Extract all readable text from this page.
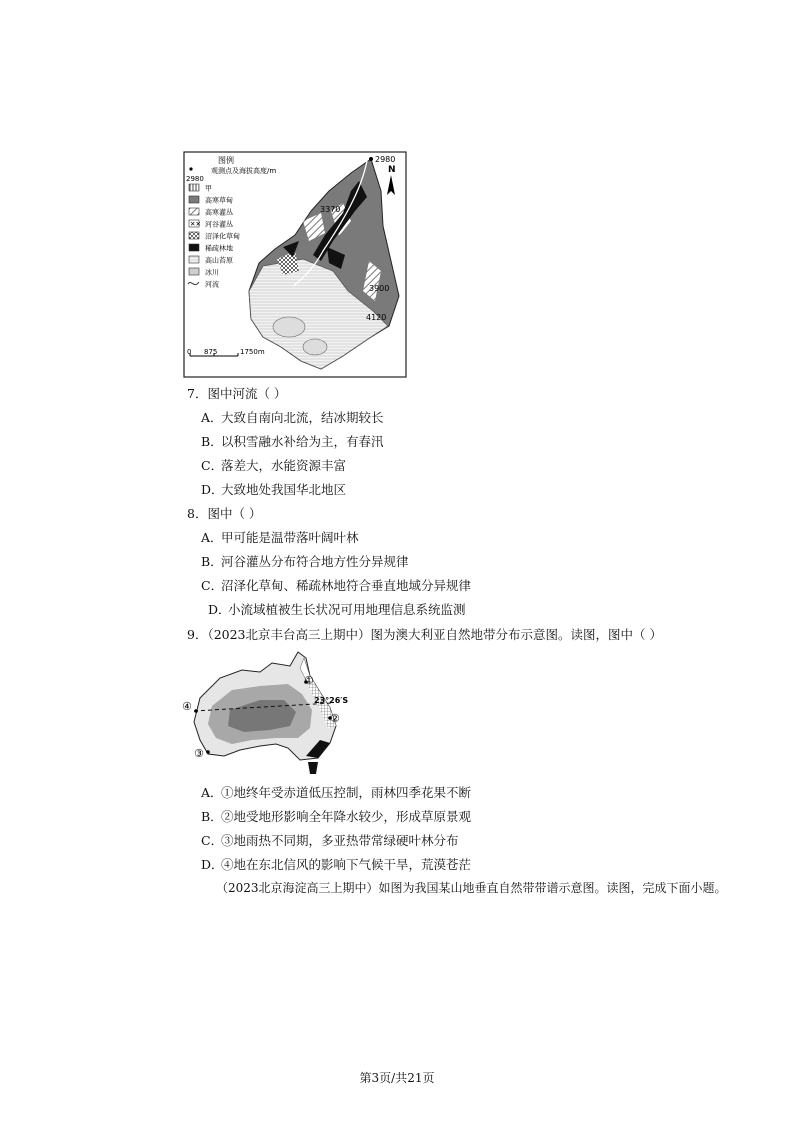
2980
3370
3900
4120
N
图例
观测点及海拔高度/m
2980
甲
高寒草甸
高寒灌丛
✕✕ 河谷灌丛
沼泽化草甸
稀疏林地
高山苔原
冰川
河流
0 875	1750m
7．图中河流（ ）
A．大致自南向北流，结冰期较长
B．以积雪融水补给为主，有春汛
C．落差大，水能资源丰富
D．大致地处我国华北地区
8．图中（ ）
A．甲可能是温带落叶阔叶林
B．河谷灌丛分布符合地方性分异规律
C．沼泽化草甸、稀疏林地符合垂直地域分异规律
D．小流域植被生长状况可用地理信息系统监测
9．（2023北京丰台高三上期中）图为澳大利亚自然地带分布示意图。读图，图中（ ）
①
23°26′S
②
③
④
A．①地终年受赤道低压控制，雨林四季花果不断
B．②地受地形影响全年降水较少，形成草原景观
C．③地雨热不同期，多亚热带常绿硬叶林分布
D．④地在东北信风的影响下气候干旱，荒漠苍茫
（2023北京海淀高三上期中）如图为我国某山地垂直自然带带谱示意图。读图，完成下面小题。
第3页/共21页
